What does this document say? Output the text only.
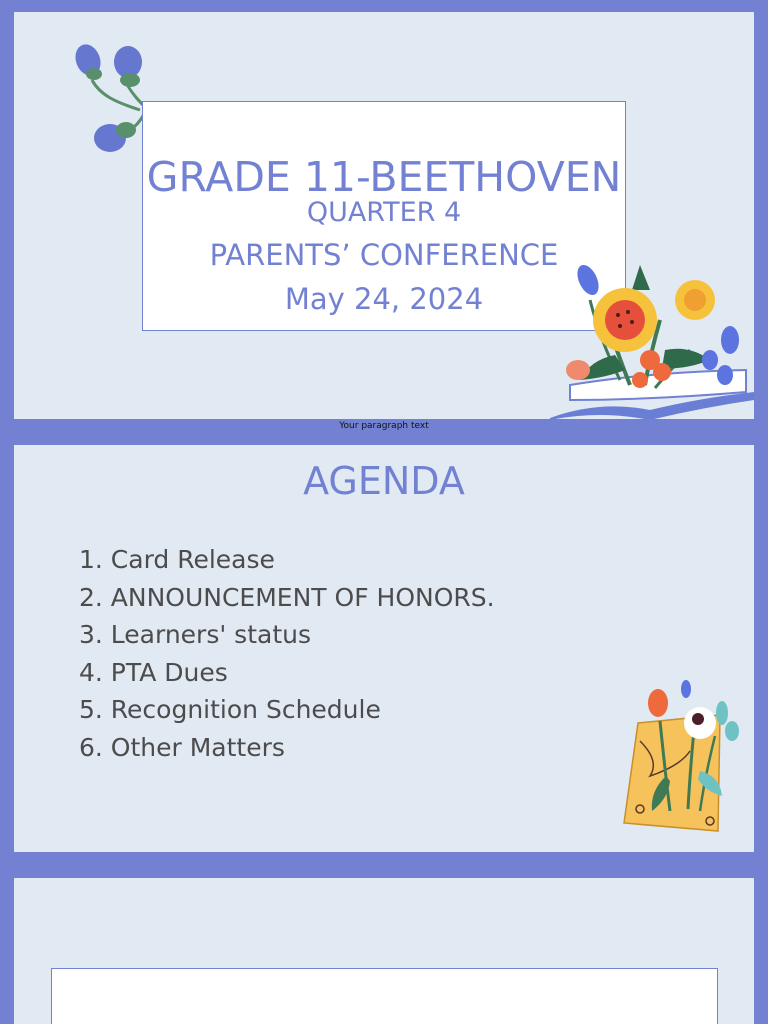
GRADE 11-BEETHOVEN
QUARTER 4
PARENTS’ CONFERENCE
May 24, 2024
Your paragraph text
AGENDA
1. Card Release
2. ANNOUNCEMENT OF HONORS.
3. Learners' status
4. PTA Dues
5. Recognition Schedule
6. Other Matters
